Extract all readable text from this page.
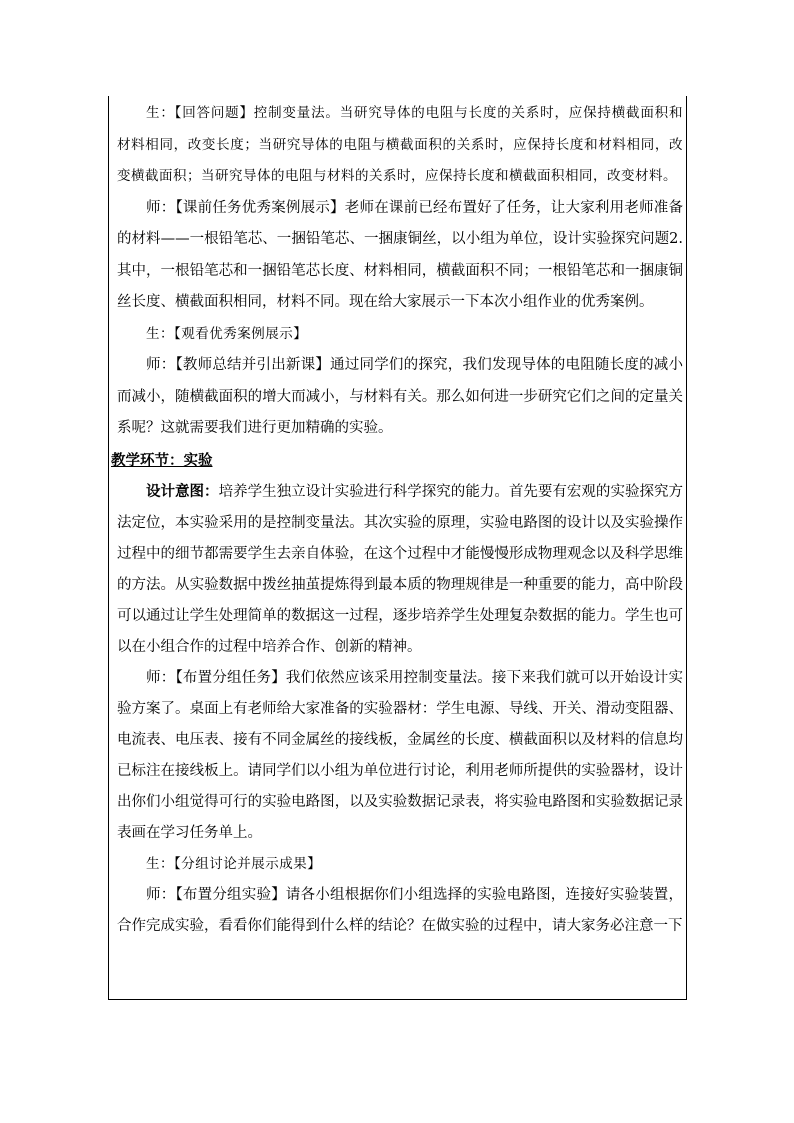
生：【回答问题】控制变量法。当研究导体的电阻与长度的关系时，应保持横截面积和材料相同，改变长度；当研究导体的电阻与横截面积的关系时，应保持长度和材料相同，改变横截面积；当研究导体的电阻与材料的关系时，应保持长度和横截面积相同，改变材料。

师：【课前任务优秀案例展示】老师在课前已经布置好了任务，让大家利用老师准备的材料——一根铅笔芯、一捆铅笔芯、一捆康铜丝，以小组为单位，设计实验探究问题2.其中，一根铅笔芯和一捆铅笔芯长度、材料相同，横截面积不同；一根铅笔芯和一捆康铜丝长度、横截面积相同，材料不同。现在给大家展示一下本次小组作业的优秀案例。

生：【观看优秀案例展示】

师：【教师总结并引出新课】通过同学们的探究，我们发现导体的电阻随长度的减小而减小，随横截面积的增大而减小，与材料有关。那么如何进一步研究它们之间的定量关系呢？这就需要我们进行更加精确的实验。

教学环节：实验

设计意图：培养学生独立设计实验进行科学探究的能力。首先要有宏观的实验探究方法定位，本实验采用的是控制变量法。其次实验的原理，实验电路图的设计以及实验操作过程中的细节都需要学生去亲自体验，在这个过程中才能慢慢形成物理观念以及科学思维的方法。从实验数据中拨丝抽茧提炼得到最本质的物理规律是一种重要的能力，高中阶段可以通过让学生处理简单的数据这一过程，逐步培养学生处理复杂数据的能力。学生也可以在小组合作的过程中培养合作、创新的精神。

师：【布置分组任务】我们依然应该采用控制变量法。接下来我们就可以开始设计实验方案了。桌面上有老师给大家准备的实验器材：学生电源、导线、开关、滑动变阻器、电流表、电压表、接有不同金属丝的接线板，金属丝的长度、横截面积以及材料的信息均已标注在接线板上。请同学们以小组为单位进行讨论，利用老师所提供的实验器材，设计出你们小组觉得可行的实验电路图，以及实验数据记录表，将实验电路图和实验数据记录表画在学习任务单上。

生：【分组讨论并展示成果】

师：【布置分组实验】请各小组根据你们小组选择的实验电路图，连接好实验装置，合作完成实验，看看你们能得到什么样的结论？在做实验的过程中，请大家务必注意一下
